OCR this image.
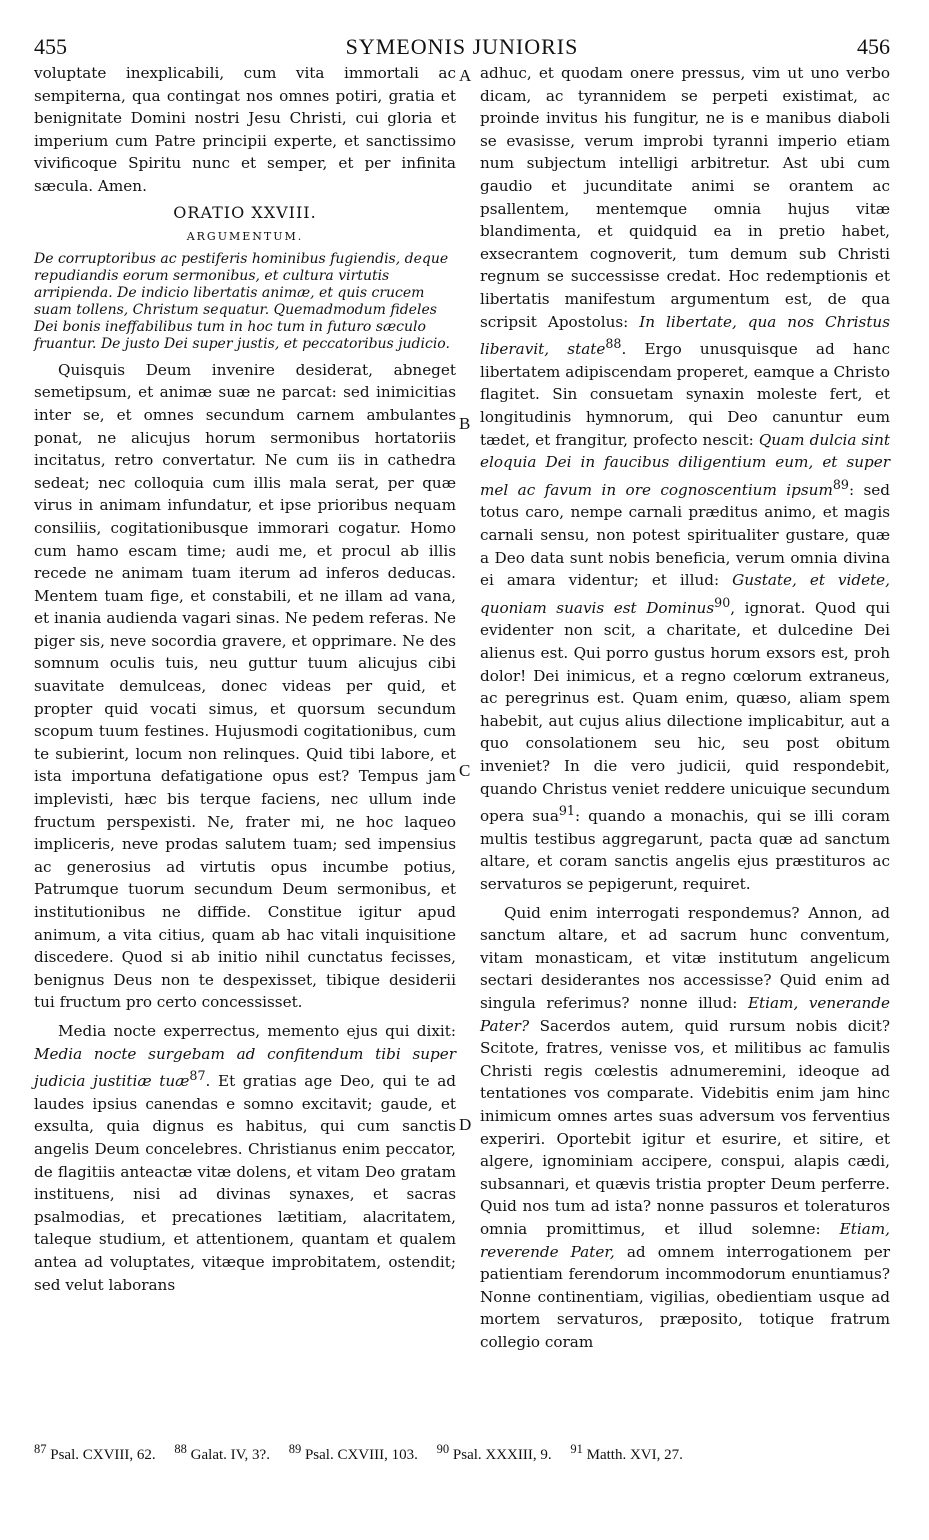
455	SYMEONIS JUNIORIS	456
A
B
C
D

voluptate inexplicabili, cum vita immortali ac sempiterna, qua contingat nos omnes potiri, gratia et benignitate Domini nostri Jesu Christi, cui gloria et imperium cum Patre principii experte, et sanctissimo vivificoque Spiritu nunc et semper, et per infinita sæcula. Amen.

ORATIO XXVIII.
ARGUMENTUM.
De corruptoribus ac pestiferis hominibus fugiendis, deque repudiandis eorum sermonibus, et cultura virtutis arripienda. De indicio libertatis animæ, et quis crucem suam tollens, Christum sequatur. Quemadmodum fideles Dei bonis ineffabilibus tum in hoc tum in futuro sæculo fruantur. De justo Dei super justis, et peccatoribus judicio.

Quisquis Deum invenire desiderat, abneget semetipsum, et animæ suæ ne parcat: sed inimicitias inter se, et omnes secundum carnem ambulantes ponat, ne alicujus horum sermonibus hortatoriis incitatus, retro convertatur. Ne cum iis in cathedra sedeat; nec colloquia cum illis mala serat, per quæ virus in animam infundatur, et ipse prioribus nequam consiliis, cogitationibusque immorari cogatur. Homo cum hamo escam time; audi me, et procul ab illis recede ne animam tuam iterum ad inferos deducas. Mentem tuam fige, et constabili, et ne illam ad vana, et inania audienda vagari sinas. Ne pedem referas. Ne piger sis, neve socordia gravere, et opprimare. Ne des somnum oculis tuis, neu guttur tuum alicujus cibi suavitate demulceas, donec videas per quid, et propter quid vocati simus, et quorsum secundum scopum tuum festines. Hujusmodi cogitationibus, cum te subierint, locum non relinques. Quid tibi labore, et ista importuna defatigatione opus est? Tempus jam implevisti, hæc bis terque faciens, nec ullum inde fructum perspexisti. Ne, frater mi, ne hoc laqueo impliceris, neve prodas salutem tuam; sed impensius ac generosius ad virtutis opus incumbe potius, Patrumque tuorum secundum Deum sermonibus, et institutionibus ne diffide. Constitue igitur apud animum, a vita citius, quam ab hac vitali inquisitione discedere. Quod si ab initio nihil cunctatus fecisses, benignus Deus non te despexisset, tibique desiderii tui fructum pro certo concessisset.

Media nocte experrectus, memento ejus qui dixit: Media nocte surgebam ad confitendum tibi super judicia justitiæ tuæ$^{87}$. Et gratias age Deo, qui te ad laudes ipsius canendas e somno excitavit; gaude, et exsulta, quia dignus es habitus, qui cum sanctis angelis Deum concelebres. Christianus enim peccator, de flagitiis anteactæ vitæ dolens, et vitam Deo gratam instituens, nisi ad divinas synaxes, et sacras psalmodias, et precationes lætitiam, alacritatem, taleque studium, et attentionem, quantam et qualem antea ad voluptates, vitæque improbitatem, ostendit; sed velut laborans

adhuc, et quodam onere pressus, vim ut uno verbo dicam, ac tyrannidem se perpeti existimat, ac proinde invitus his fungitur, ne is e manibus diaboli se evasisse, verum improbi tyranni imperio etiam num subjectum intelligi arbitretur. Ast ubi cum gaudio et jucunditate animi se orantem ac psallentem, mentemque omnia hujus vitæ blandimenta, et quidquid ea in pretio habet, exsecrantem cognoverit, tum demum sub Christi regnum se successisse credat. Hoc redemptionis et libertatis manifestum argumentum est, de qua scripsit Apostolus: In libertate, qua nos Christus liberavit, state$^{88}$. Ergo unusquisque ad hanc libertatem adipiscendam properet, eamque a Christo flagitet. Sin consuetam synaxin moleste fert, et longitudinis hymnorum, qui Deo canuntur eum tædet, et frangitur, profecto nescit: Quam dulcia sint eloquia Dei in faucibus diligentium eum, et super mel ac favum in ore cognoscentium ipsum$^{89}$: sed totus caro, nempe carnali præditus animo, et magis carnali sensu, non potest spiritualiter gustare, quæ a Deo data sunt nobis beneficia, verum omnia divina ei amara videntur; et illud: Gustate, et videte, quoniam suavis est Dominus$^{90}$, ignorat. Quod qui evidenter non scit, a charitate, et dulcedine Dei alienus est. Qui porro gustus horum exsors est, proh dolor! Dei inimicus, et a regno cœlorum extraneus, ac peregrinus est. Quam enim, quæso, aliam spem habebit, aut cujus alius dilectione implicabitur, aut a quo consolationem seu hic, seu post obitum inveniet? In die vero judicii, quid respondebit, quando Christus veniet reddere unicuique secundum opera sua$^{91}$: quando a monachis, qui se illi coram multis testibus aggregarunt, pacta quæ ad sanctum altare, et coram sanctis angelis ejus præstituros ac servaturos se pepigerunt, requiret.

Quid enim interrogati respondemus? Annon, ad sanctum altare, et ad sacrum hunc conventum, vitam monasticam, et vitæ institutum angelicum sectari desiderantes nos accessisse? Quid enim ad singula referimus? nonne illud: Etiam, venerande Pater? Sacerdos autem, quid rursum nobis dicit? Scitote, fratres, venisse vos, et militibus ac famulis Christi regis cœlestis adnumeremini, ideoque ad tentationes vos comparate. Videbitis enim jam hinc inimicum omnes artes suas adversum vos ferventius experiri. Oportebit igitur et esurire, et sitire, et algere, ignominiam accipere, conspui, alapis cædi, subsannari, et quævis tristia propter Deum perferre. Quid nos tum ad ista? nonne passuros et toleraturos omnia promittimus, et illud solemne: Etiam, reverende Pater, ad omnem interrogationem per patientiam ferendorum incommodorum enuntiamus? Nonne continentiam, vigilias, obedientiam usque ad mortem servaturos, præposito, totique fratrum collegio coram

$^{87}$ Psal. CXVIII, 62. $^{88}$ Galat. IV, 3?. $^{89}$ Psal. CXVIII, 103. $^{90}$ Psal. XXXIII, 9. $^{91}$ Matth. XVI, 27.
